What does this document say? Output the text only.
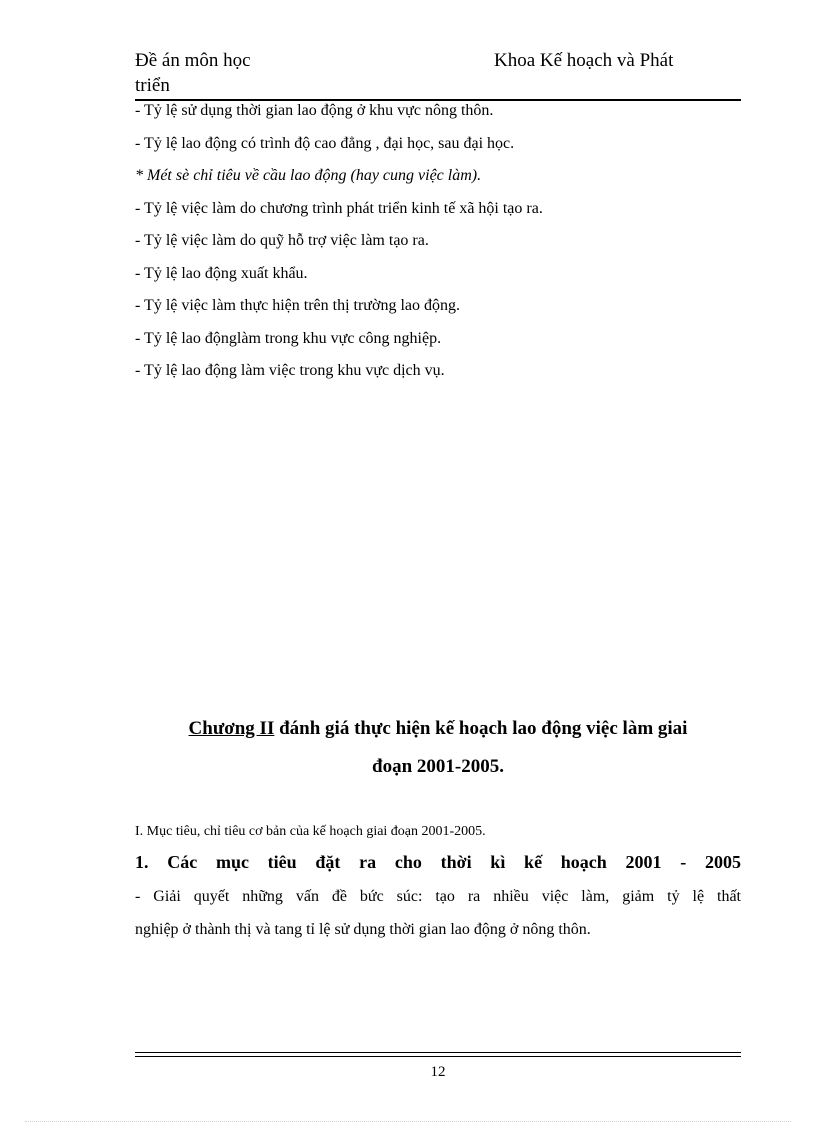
Đề án môn học	Khoa Kế hoạch và Phát
triển
- Tỷ lệ sử dụng thời gian lao động ở khu vực nông thôn.
- Tỷ lệ lao động có trình độ cao đẳng , đại học, sau đại học.
* Mét sè chỉ tiêu về cầu lao động (hay cung việc làm).
- Tỷ lệ việc làm do chương trình phát triển kinh tế xã hội tạo ra.
- Tỷ lệ việc làm do quỹ hỗ trợ việc làm tạo ra.
- Tỷ lệ lao động xuất khẩu.
- Tỷ lệ việc làm thực hiện trên thị trường lao động.
- Tỷ lệ lao độnglàm trong khu vực công nghiệp.
- Tỷ lệ lao động làm việc trong khu vực dịch vụ.
Chương II đánh giá thực hiện kế hoạch lao động việc làm giai
đoạn 2001-2005.
I. Mục tiêu, chỉ tiêu cơ bản của kế hoạch giai đoạn 2001-2005.
1. Các mục tiêu đặt ra cho thời kì kế hoạch 2001 - 2005
- Giải quyết những vấn đề bức súc: tạo ra nhiều việc làm, giảm tỷ lệ thất
nghiệp ở thành thị và tang tỉ lệ sử dụng thời gian lao động ở nông thôn.
12
